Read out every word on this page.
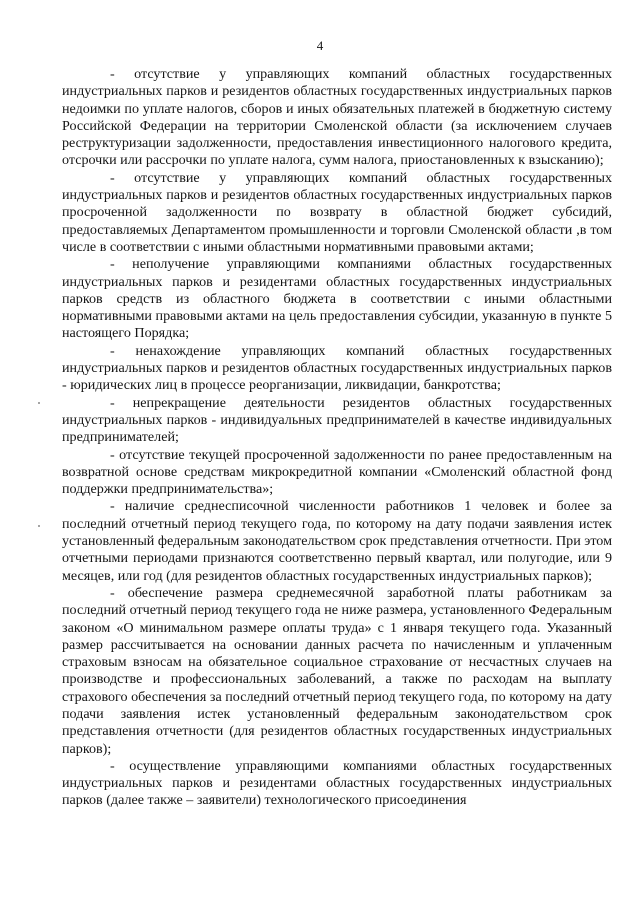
4

- отсутствие у управляющих компаний областных государственных индустриальных парков и резидентов областных государственных индустриальных парков недоимки по уплате налогов, сборов и иных обязательных платежей в бюджетную систему Российской Федерации на территории Смоленской области (за исключением случаев реструктуризации задолженности, предоставления инвестиционного налогового кредита, отсрочки или рассрочки по уплате налога, сумм налога, приостановленных к взысканию);

- отсутствие у управляющих компаний областных государственных индустриальных парков и резидентов областных государственных индустриальных парков просроченной задолженности по возврату в областной бюджет субсидий, предоставляемых Департаментом промышленности и торговли Смоленской области ,в том числе в соответствии с иными областными нормативными правовыми актами;

- неполучение управляющими компаниями областных государственных индустриальных парков и резидентами областных государственных индустриальных парков средств из областного бюджета в соответствии с иными областными нормативными правовыми актами на цель предоставления субсидии, указанную в пункте 5 настоящего Порядка;

- ненахождение управляющих компаний областных государственных индустриальных парков и резидентов областных государственных индустриальных парков - юридических лиц в процессе реорганизации, ликвидации, банкротства;

- непрекращение деятельности резидентов областных государственных индустриальных парков - индивидуальных предпринимателей в качестве индивидуальных предпринимателей;

- отсутствие текущей просроченной задолженности по ранее предоставленным на возвратной основе средствам микрокредитной компании «Смоленский областной фонд поддержки предпринимательства»;

- наличие среднесписочной численности работников 1 человек и более за последний отчетный период текущего года, по которому на дату подачи заявления истек установленный федеральным законодательством срок представления отчетности. При этом отчетными периодами признаются соответственно первый квартал, или полугодие, или 9 месяцев, или год (для резидентов областных государственных индустриальных парков);

- обеспечение размера среднемесячной заработной платы работникам за последний отчетный период текущего года не ниже размера, установленного Федеральным законом «О минимальном размере оплаты труда» с 1 января текущего года. Указанный размер рассчитывается на основании данных расчета по начисленным и уплаченным страховым взносам на обязательное социальное страхование от несчастных случаев на производстве и профессиональных заболеваний, а также по расходам на выплату страхового обеспечения за последний отчетный период текущего года, по которому на дату подачи заявления истек установленный федеральным законодательством срок представления отчетности (для резидентов областных государственных индустриальных парков);

- осуществление управляющими компаниями областных государственных индустриальных парков и резидентами областных государственных индустриальных парков (далее также – заявители) технологического присоединения
